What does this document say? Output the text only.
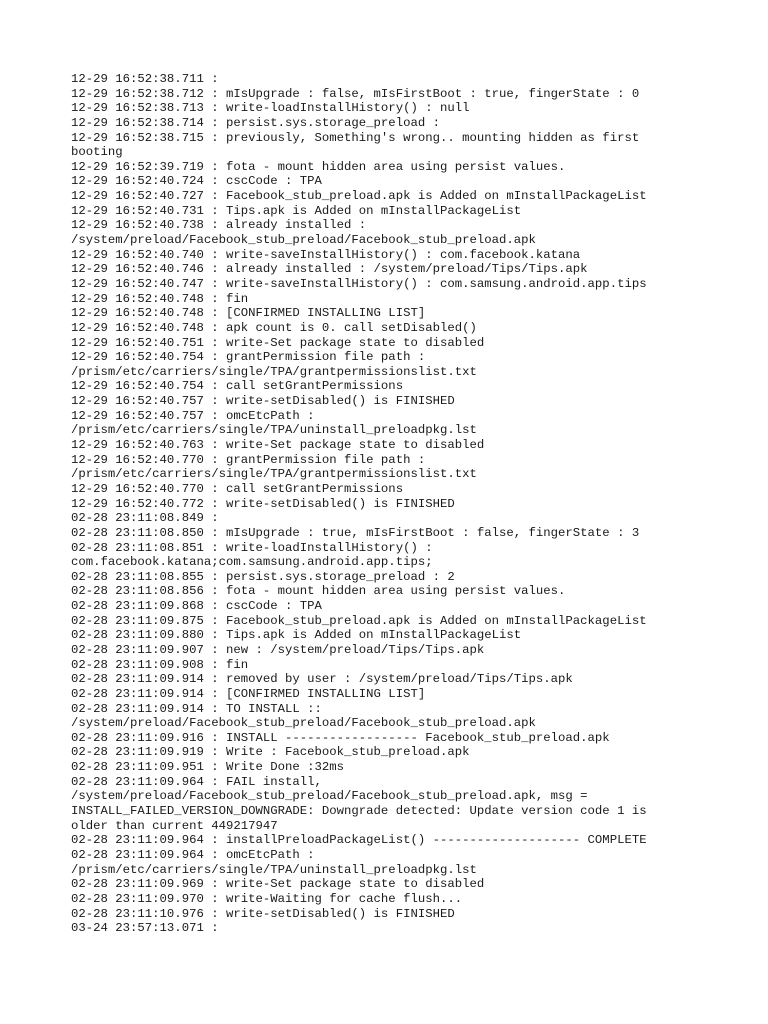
12-29 16:52:38.711 :
12-29 16:52:38.712 : mIsUpgrade : false, mIsFirstBoot : true, fingerState : 0
12-29 16:52:38.713 : write-loadInstallHistory() : null
12-29 16:52:38.714 : persist.sys.storage_preload :
12-29 16:52:38.715 : previously, Something's wrong.. mounting hidden as first
booting
12-29 16:52:39.719 : fota - mount hidden area using persist values.
12-29 16:52:40.724 : cscCode : TPA
12-29 16:52:40.727 : Facebook_stub_preload.apk is Added on mInstallPackageList
12-29 16:52:40.731 : Tips.apk is Added on mInstallPackageList
12-29 16:52:40.738 : already installed :
/system/preload/Facebook_stub_preload/Facebook_stub_preload.apk
12-29 16:52:40.740 : write-saveInstallHistory() : com.facebook.katana
12-29 16:52:40.746 : already installed : /system/preload/Tips/Tips.apk
12-29 16:52:40.747 : write-saveInstallHistory() : com.samsung.android.app.tips
12-29 16:52:40.748 : fin
12-29 16:52:40.748 : [CONFIRMED INSTALLING LIST]
12-29 16:52:40.748 : apk count is 0. call setDisabled()
12-29 16:52:40.751 : write-Set package state to disabled
12-29 16:52:40.754 : grantPermission file path :
/prism/etc/carriers/single/TPA/grantpermissionslist.txt
12-29 16:52:40.754 : call setGrantPermissions
12-29 16:52:40.757 : write-setDisabled() is FINISHED
12-29 16:52:40.757 : omcEtcPath :
/prism/etc/carriers/single/TPA/uninstall_preloadpkg.lst
12-29 16:52:40.763 : write-Set package state to disabled
12-29 16:52:40.770 : grantPermission file path :
/prism/etc/carriers/single/TPA/grantpermissionslist.txt
12-29 16:52:40.770 : call setGrantPermissions
12-29 16:52:40.772 : write-setDisabled() is FINISHED
02-28 23:11:08.849 :
02-28 23:11:08.850 : mIsUpgrade : true, mIsFirstBoot : false, fingerState : 3
02-28 23:11:08.851 : write-loadInstallHistory() :
com.facebook.katana;com.samsung.android.app.tips;
02-28 23:11:08.855 : persist.sys.storage_preload : 2
02-28 23:11:08.856 : fota - mount hidden area using persist values.
02-28 23:11:09.868 : cscCode : TPA
02-28 23:11:09.875 : Facebook_stub_preload.apk is Added on mInstallPackageList
02-28 23:11:09.880 : Tips.apk is Added on mInstallPackageList
02-28 23:11:09.907 : new : /system/preload/Tips/Tips.apk
02-28 23:11:09.908 : fin
02-28 23:11:09.914 : removed by user : /system/preload/Tips/Tips.apk
02-28 23:11:09.914 : [CONFIRMED INSTALLING LIST]
02-28 23:11:09.914 : TO INSTALL ::
/system/preload/Facebook_stub_preload/Facebook_stub_preload.apk
02-28 23:11:09.916 : INSTALL ------------------ Facebook_stub_preload.apk
02-28 23:11:09.919 : Write : Facebook_stub_preload.apk
02-28 23:11:09.951 : Write Done :32ms
02-28 23:11:09.964 : FAIL install,
/system/preload/Facebook_stub_preload/Facebook_stub_preload.apk, msg =
INSTALL_FAILED_VERSION_DOWNGRADE: Downgrade detected: Update version code 1 is
older than current 449217947
02-28 23:11:09.964 : installPreloadPackageList() -------------------- COMPLETE
02-28 23:11:09.964 : omcEtcPath :
/prism/etc/carriers/single/TPA/uninstall_preloadpkg.lst
02-28 23:11:09.969 : write-Set package state to disabled
02-28 23:11:09.970 : write-Waiting for cache flush...
02-28 23:11:10.976 : write-setDisabled() is FINISHED
03-24 23:57:13.071 :
